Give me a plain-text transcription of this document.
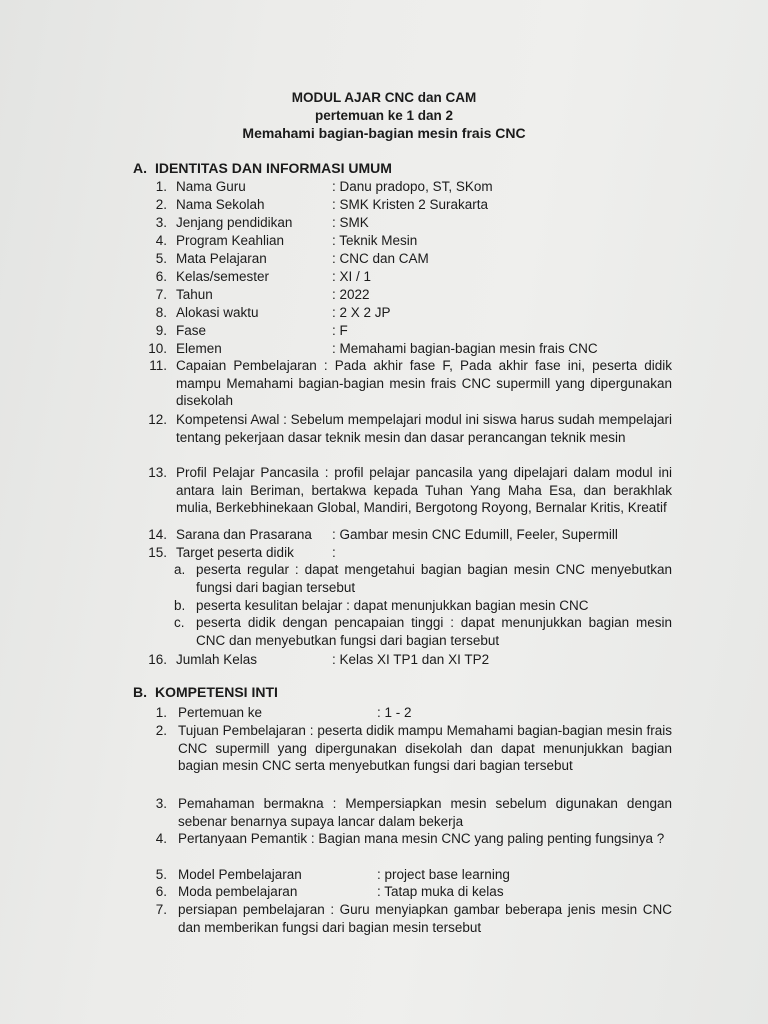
MODUL AJAR CNC dan CAM
pertemuan ke 1 dan 2
Memahami bagian-bagian mesin frais CNC
A. IDENTITAS DAN INFORMASI UMUM
1. Nama Guru	: Danu pradopo, ST, SKom
2. Nama Sekolah	: SMK Kristen 2 Surakarta
3. Jenjang pendidikan	: SMK
4. Program Keahlian	: Teknik Mesin
5. Mata Pelajaran	: CNC dan CAM
6. Kelas/semester	: XI / 1
7. Tahun	: 2022
8. Alokasi waktu	: 2 X 2 JP
9. Fase	: F
10. Elemen	: Memahami bagian-bagian mesin frais CNC
11. Capaian Pembelajaran : Pada akhir fase F, Pada akhir fase ini, peserta didik mampu Memahami bagian-bagian mesin frais CNC supermill yang dipergunakan disekolah
12. Kompetensi Awal : Sebelum mempelajari modul ini siswa harus sudah mempelajari tentang pekerjaan dasar teknik mesin dan dasar perancangan teknik mesin
13. Profil Pelajar Pancasila : profil pelajar pancasila yang dipelajari dalam modul ini antara lain Beriman, bertakwa kepada Tuhan Yang Maha Esa, dan berakhlak mulia, Berkebhinekaan Global, Mandiri, Bergotong Royong, Bernalar Kritis, Kreatif
14. Sarana dan Prasarana : Gambar mesin CNC Edumill, Feeler, Supermill
15. Target peserta didik	:
a. peserta regular : dapat mengetahui bagian bagian mesin CNC menyebutkan fungsi dari bagian tersebut
b. peserta kesulitan belajar : dapat menunjukkan bagian mesin CNC
c. peserta didik dengan pencapaian tinggi : dapat menunjukkan bagian mesin CNC dan menyebutkan fungsi dari bagian tersebut
16. Jumlah Kelas	: Kelas XI TP1 dan XI TP2
B. KOMPETENSI INTI
1. Pertemuan ke	: 1 - 2
2. Tujuan Pembelajaran : peserta didik mampu Memahami bagian-bagian mesin frais CNC supermill yang dipergunakan disekolah dan dapat menunjukkan bagian bagian mesin CNC serta menyebutkan fungsi dari bagian tersebut
3. Pemahaman bermakna : Mempersiapkan mesin sebelum digunakan dengan sebenar benarnya supaya lancar dalam bekerja
4. Pertanyaan Pemantik : Bagian mana mesin CNC yang paling penting fungsinya ?
5. Model Pembelajaran	: project base learning
6. Moda pembelajaran	: Tatap muka di kelas
7. persiapan pembelajaran : Guru menyiapkan gambar beberapa jenis mesin CNC dan memberikan fungsi dari bagian mesin tersebut
